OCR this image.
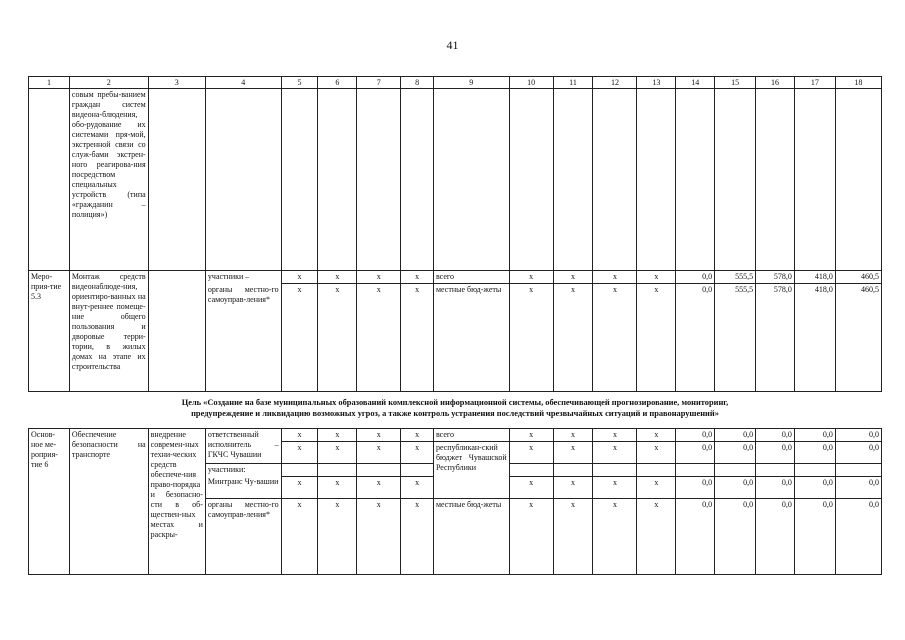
41
1	2	3	4	5	6	7	8	9	10	11	12	13	14	15	16	17	18
	совым пребы-ванием граждан систем видеона-блюдения, обо-рудование их системами пря-мой, экстренной связи со служ-бами экстрен-ного реагирова-ния посредством специальных устройств (типа «гражданин – полиция»)																
Меро-прия-тие 5.3	Монтаж средств видеонаблюде-ния, ориентиро-ванных на внут-реннее помеще-ние общего пользования и дворовые терри-тории, в жилых домах на этапе их строительства		участники –	x	x	x	x	всего	x	x	x	x	0,0	555,5	578,0	418,0	460,5
			органы местно-го самоуправ-ления*	x	x	x	x	местные бюд-жеты	x	x	x	x	0,0	555,5	578,0	418,0	460,5
Цель «Создание на базе муниципальных образований комплексной информационной системы, обеспечивающей прогнозирование, мониторинг,
предупреждение и ликвидацию возможных угроз, а также контроль устранения последствий чрезвычайных ситуаций и правонарушений»
Основ-ное ме-роприя-тие 6	Обеспечение безопасности на транспорте	внедрение современ-ных техни-ческих средств обеспече-ния право-порядка и безопасно-сти в об-ществен-ных местах и раскры-	ответственный исполнитель – ГКЧС Чувашии	x	x	x	x	всего	x	x	x	x	0,0	0,0	0,0	0,0	0,0
				x	x	x	x	республикан-ский бюджет Чувашской Республики	x	x	x	x	0,0	0,0	0,0	0,0	0,0
			участники:														
			Минтранс Чу-вашии	x	x	x	x		x	x	x	x	0,0	0,0	0,0	0,0	0,0
			органы местно-го самоуправ-ления*	x	x	x	x	местные бюд-жеты	x	x	x	x	0,0	0,0	0,0	0,0	0,0
